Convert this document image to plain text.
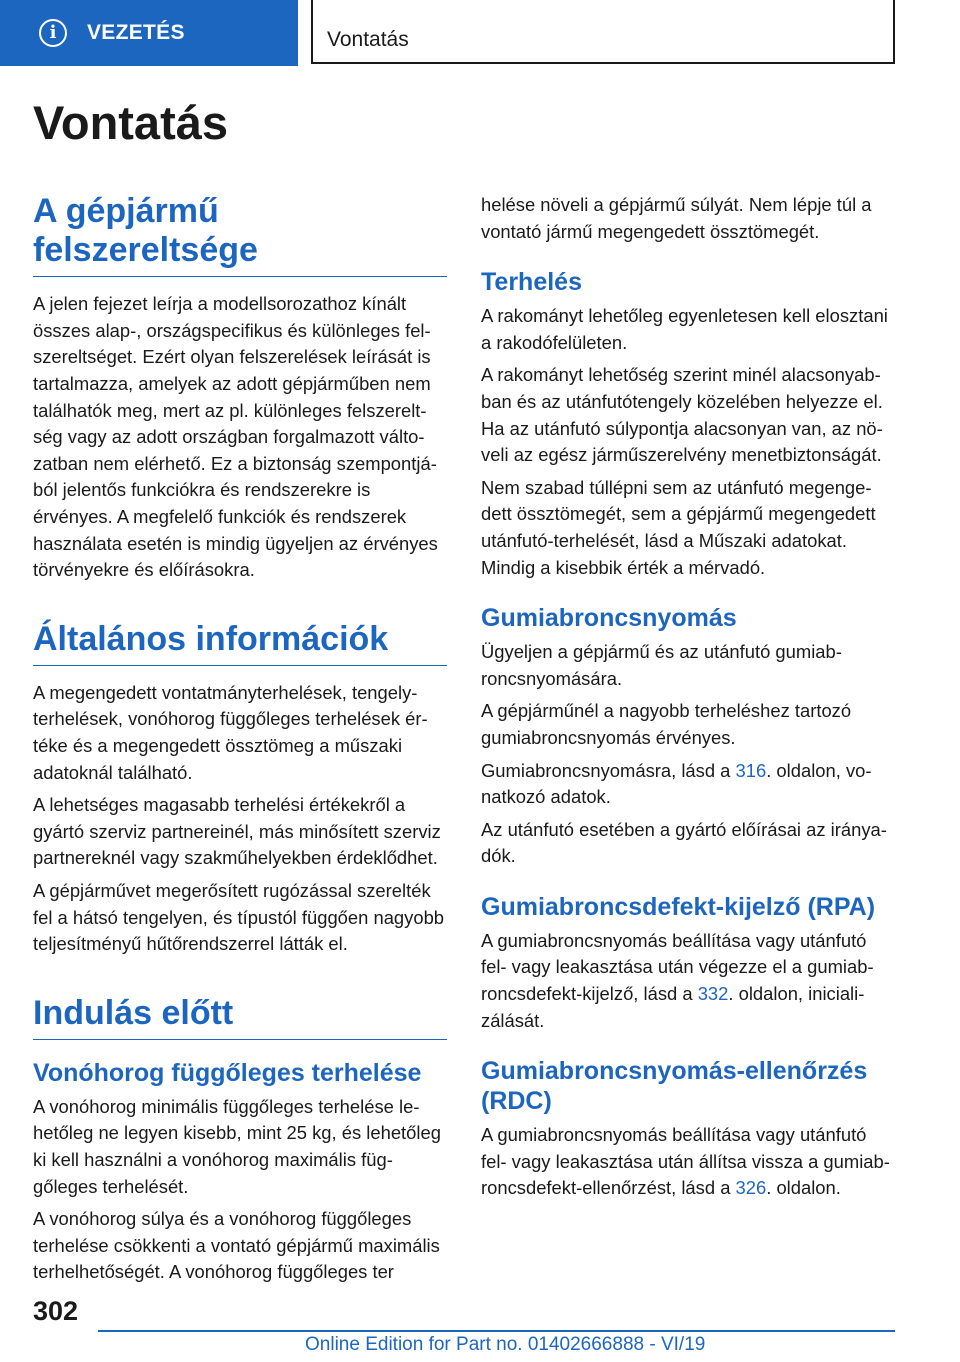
i	VEZETÉS	Vontatás
Vontatás
A gépjármű felszereltsége

A jelen fejezet leírja a modellsorozathoz kínált összes alap-, országspecifikus és különleges felszereltséget. Ezért olyan felszerelések leírását is tartalmazza, amelyek az adott gépjárműben nem találhatók meg, mert az pl. különleges felszereltség vagy az adott országban forgalmazott változatban nem elérhető. Ez a biztonság szempontjából jelentős funkciókra és rendszerekre is érvényes. A megfelelő funkciók és rendszerek használata esetén is mindig ügyeljen az érvényes törvényekre és előírásokra.

Általános információk

A megengedett vontatmányterhelések, tengelyterhelések, vonóhorog függőleges terhelések értéke és a megengedett össztömeg a műszaki adatoknál található.

A lehetséges magasabb terhelési értékekről a gyártó szerviz partnereinél, más minősített szerviz partnereknél vagy szakműhelyekben érdeklődhet.

A gépjárművet megerősített rugózással szerelték fel a hátsó tengelyen, és típustól függően nagyobb teljesítményű hűtőrendszerrel látták el.

Indulás előtt
Vonóhorog függőleges terhelése

A vonóhorog minimális függőleges terhelése lehetőleg ne legyen kisebb, mint 25 kg, és lehetőleg ki kell használni a vonóhorog maximális függőleges terhelését.

A vonóhorog súlya és a vonóhorog függőleges terhelése csökkenti a vontató gépjármű maximális terhelhetőségét. A vonóhorog függőleges ter

helése növeli a gépjármű súlyát. Nem lépje túl a vontató jármű megengedett össztömegét.

Terhelés

A rakományt lehetőleg egyenletesen kell elosztani a rakodófelületen.

A rakományt lehetőség szerint minél alacsonyabban és az utánfutótengely közelében helyezze el. Ha az utánfutó súlypontja alacsonyan van, az növeli az egész járműszerelvény menetbiztonságát.

Nem szabad túllépni sem az utánfutó megengedett össztömegét, sem a gépjármű megengedett utánfutó-terhelését, lásd a Műszaki adatokat. Mindig a kisebbik érték a mérvadó.

Gumiabroncsnyomás

Ügyeljen a gépjármű és az utánfutó gumiabroncsnyomására.

A gépjárműnél a nagyobb terheléshez tartozó gumiabroncsnyomás érvényes.

Gumiabroncsnyomásra, lásd a 316. oldalon, vonatkozó adatok.

Az utánfutó esetében a gyártó előírásai az irányadók.

Gumiabroncsdefekt-kijelző (RPA)

A gumiabroncsnyomás beállítása vagy utánfutó fel- vagy leakasztása után végezze el a gumiabroncsdefekt-kijelző, lásd a 332. oldalon, inicializálását.

Gumiabroncsnyomás-ellenőrzés (RDC)

A gumiabroncsnyomás beállítása vagy utánfutó fel- vagy leakasztása után állítsa vissza a gumiabroncsdefekt-ellenőrzést, lásd a 326. oldalon.

302
Online Edition for Part no. 01402666888 - VI/19
